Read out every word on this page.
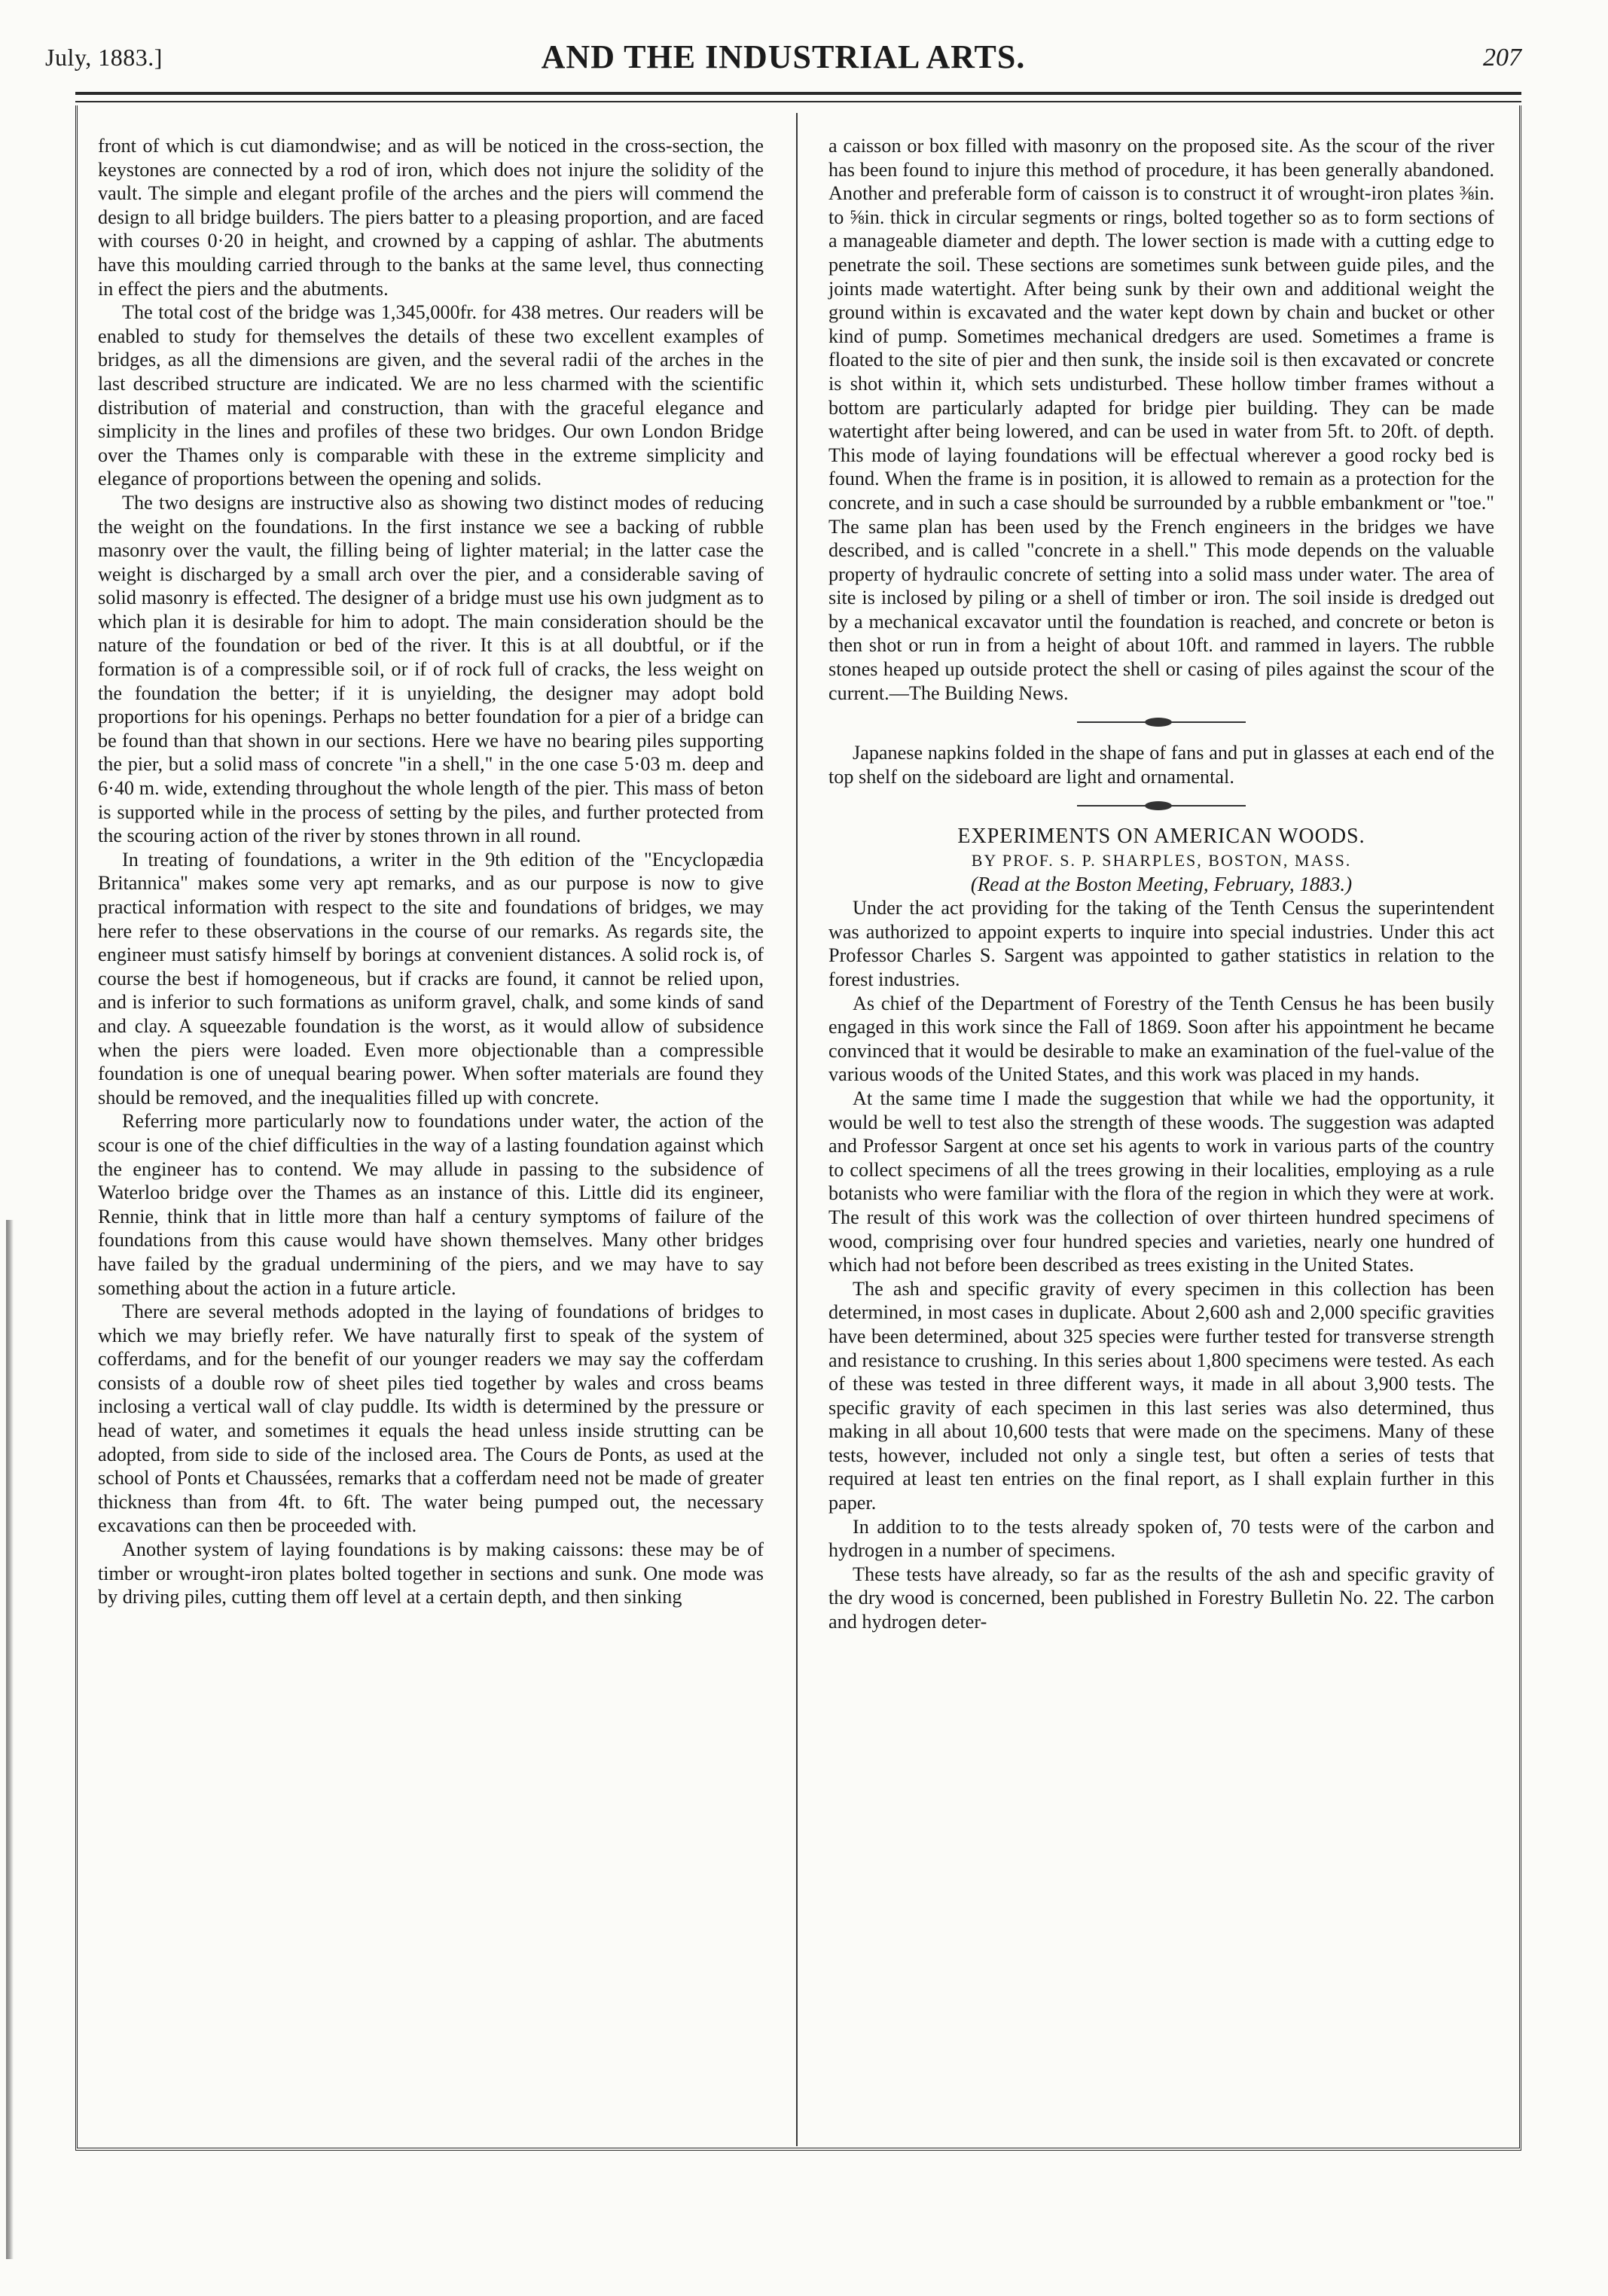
July, 1883.]	AND THE INDUSTRIAL ARTS.	207

front of which is cut diamondwise; and as will be noticed in the cross-section, the keystones are connected by a rod of iron, which does not injure the solidity of the vault. The simple and elegant profile of the arches and the piers will commend the design to all bridge builders. The piers batter to a pleasing proportion, and are faced with courses 0·20 in height, and crowned by a capping of ashlar. The abutments have this moulding carried through to the banks at the same level, thus connecting in effect the piers and the abutments.

The total cost of the bridge was 1,345,000fr. for 438 metres. Our readers will be enabled to study for themselves the details of these two excellent examples of bridges, as all the dimensions are given, and the several radii of the arches in the last described structure are indicated. We are no less charmed with the scientific distribution of material and construction, than with the graceful elegance and simplicity in the lines and profiles of these two bridges. Our own London Bridge over the Thames only is comparable with these in the extreme simplicity and elegance of proportions between the opening and solids.

The two designs are instructive also as showing two distinct modes of reducing the weight on the foundations. In the first instance we see a backing of rubble masonry over the vault, the filling being of lighter material; in the latter case the weight is discharged by a small arch over the pier, and a considerable saving of solid masonry is effected. The designer of a bridge must use his own judgment as to which plan it is desirable for him to adopt. The main consideration should be the nature of the foundation or bed of the river. It this is at all doubtful, or if the formation is of a compressible soil, or if of rock full of cracks, the less weight on the foundation the better; if it is unyielding, the designer may adopt bold proportions for his openings. Perhaps no better foundation for a pier of a bridge can be found than that shown in our sections. Here we have no bearing piles supporting the pier, but a solid mass of concrete "in a shell," in the one case 5·03 m. deep and 6·40 m. wide, extending throughout the whole length of the pier. This mass of beton is supported while in the process of setting by the piles, and further protected from the scouring action of the river by stones thrown in all round.

In treating of foundations, a writer in the 9th edition of the "Encyclopædia Britannica" makes some very apt remarks, and as our purpose is now to give practical information with respect to the site and foundations of bridges, we may here refer to these observations in the course of our remarks. As regards site, the engineer must satisfy himself by borings at convenient distances. A solid rock is, of course the best if homogeneous, but if cracks are found, it cannot be relied upon, and is inferior to such formations as uniform gravel, chalk, and some kinds of sand and clay. A squeezable foundation is the worst, as it would allow of subsidence when the piers were loaded. Even more objectionable than a compressible foundation is one of unequal bearing power. When softer materials are found they should be removed, and the inequalities filled up with concrete.

Referring more particularly now to foundations under water, the action of the scour is one of the chief difficulties in the way of a lasting foundation against which the engineer has to contend. We may allude in passing to the subsidence of Waterloo bridge over the Thames as an instance of this. Little did its engineer, Rennie, think that in little more than half a century symptoms of failure of the foundations from this cause would have shown themselves. Many other bridges have failed by the gradual undermining of the piers, and we may have to say something about the action in a future article.

There are several methods adopted in the laying of foundations of bridges to which we may briefly refer. We have naturally first to speak of the system of cofferdams, and for the benefit of our younger readers we may say the cofferdam consists of a double row of sheet piles tied together by wales and cross beams inclosing a vertical wall of clay puddle. Its width is determined by the pressure or head of water, and sometimes it equals the head unless inside strutting can be adopted, from side to side of the inclosed area. The Cours de Ponts, as used at the school of Ponts et Chaussées, remarks that a cofferdam need not be made of greater thickness than from 4ft. to 6ft. The water being pumped out, the necessary excavations can then be proceeded with.

Another system of laying foundations is by making caissons: these may be of timber or wrought-iron plates bolted together in sections and sunk. One mode was by driving piles, cutting them off level at a certain depth, and then sinking

a caisson or box filled with masonry on the proposed site. As the scour of the river has been found to injure this method of procedure, it has been generally abandoned. Another and preferable form of caisson is to construct it of wrought-iron plates ⅜in. to ⅝in. thick in circular segments or rings, bolted together so as to form sections of a manageable diameter and depth. The lower section is made with a cutting edge to penetrate the soil. These sections are sometimes sunk between guide piles, and the joints made watertight. After being sunk by their own and additional weight the ground within is excavated and the water kept down by chain and bucket or other kind of pump. Sometimes mechanical dredgers are used. Sometimes a frame is floated to the site of pier and then sunk, the inside soil is then excavated or concrete is shot within it, which sets undisturbed. These hollow timber frames without a bottom are particularly adapted for bridge pier building. They can be made watertight after being lowered, and can be used in water from 5ft. to 20ft. of depth. This mode of laying foundations will be effectual wherever a good rocky bed is found. When the frame is in position, it is allowed to remain as a protection for the concrete, and in such a case should be surrounded by a rubble embankment or "toe." The same plan has been used by the French engineers in the bridges we have described, and is called "concrete in a shell." This mode depends on the valuable property of hydraulic concrete of setting into a solid mass under water. The area of site is inclosed by piling or a shell of timber or iron. The soil inside is dredged out by a mechanical excavator until the foundation is reached, and concrete or beton is then shot or run in from a height of about 10ft. and rammed in layers. The rubble stones heaped up outside protect the shell or casing of piles against the scour of the current.—The Building News.

Japanese napkins folded in the shape of fans and put in glasses at each end of the top shelf on the sideboard are light and ornamental.

EXPERIMENTS ON AMERICAN WOODS.

BY PROF. S. P. SHARPLES, BOSTON, MASS.

(Read at the Boston Meeting, February, 1883.)

Under the act providing for the taking of the Tenth Census the superintendent was authorized to appoint experts to inquire into special industries. Under this act Professor Charles S. Sargent was appointed to gather statistics in relation to the forest industries.

As chief of the Department of Forestry of the Tenth Census he has been busily engaged in this work since the Fall of 1869. Soon after his appointment he became convinced that it would be desirable to make an examination of the fuel-value of the various woods of the United States, and this work was placed in my hands.

At the same time I made the suggestion that while we had the opportunity, it would be well to test also the strength of these woods. The suggestion was adapted and Professor Sargent at once set his agents to work in various parts of the country to collect specimens of all the trees growing in their localities, employing as a rule botanists who were familiar with the flora of the region in which they were at work. The result of this work was the collection of over thirteen hundred specimens of wood, comprising over four hundred species and varieties, nearly one hundred of which had not before been described as trees existing in the United States.

The ash and specific gravity of every specimen in this collection has been determined, in most cases in duplicate. About 2,600 ash and 2,000 specific gravities have been determined, about 325 species were further tested for transverse strength and resistance to crushing. In this series about 1,800 specimens were tested. As each of these was tested in three different ways, it made in all about 3,900 tests. The specific gravity of each specimen in this last series was also determined, thus making in all about 10,600 tests that were made on the specimens. Many of these tests, however, included not only a single test, but often a series of tests that required at least ten entries on the final report, as I shall explain further in this paper.

In addition to to the tests already spoken of, 70 tests were of the carbon and hydrogen in a number of specimens.

These tests have already, so far as the results of the ash and specific gravity of the dry wood is concerned, been published in Forestry Bulletin No. 22. The carbon and hydrogen deter-
